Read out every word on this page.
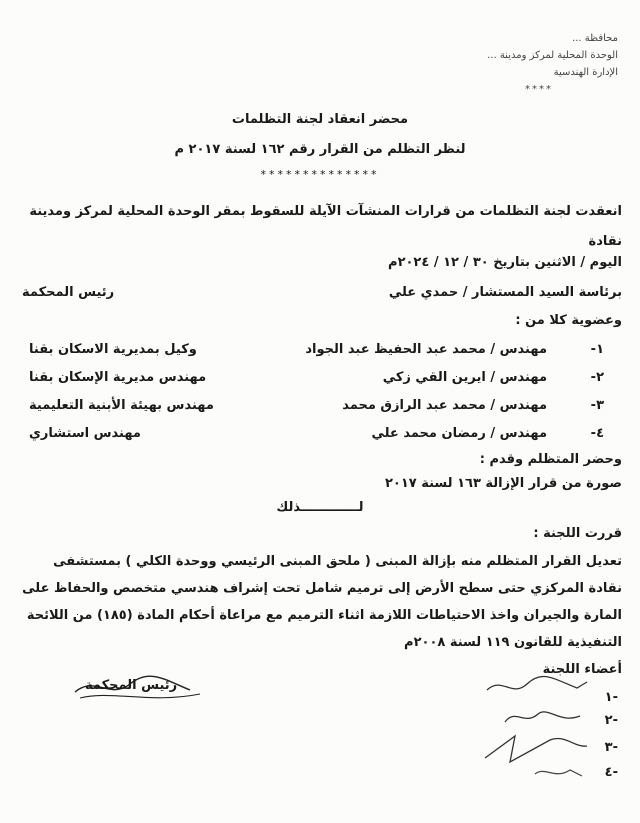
محافظة ...
الوحدة المحلية لمركز ومدينة ...
الإدارة الهندسية
****
محضر انعقاد لجنة التظلمات
لنظر التظلم من القرار رقم ١٦٢ لسنة ٢٠١٧ م
**************
انعقدت لجنة التظلمات من قرارات المنشآت الآيلة للسقوط بمقر الوحدة المحلية لمركز ومدينة نقادة
اليوم / الاثنين بتاريخ ٣٠ / ١٢ / ٢٠٢٤م
برئاسة السيد المستشار / حمدي علي
رئيس المحكمة
وعضوية كلا من :
١-
مهندس / محمد عبد الحفيظ عبد الجواد
وكيل بمديرية الاسكان بقنا
٢-
مهندس / ايرين القي زكي
مهندس مديرية الإسكان بقنا
٣-
مهندس / محمد عبد الرازق محمد
مهندس بهيئة الأبنية التعليمية
٤-
مهندس / رمضان محمد علي
مهندس استشاري
وحضر المتظلم وقدم :
صورة من قرار الإزالة ١٦٣ لسنة ٢٠١٧
لـــــــــــــذلك
قررت اللجنة :
تعديل القرار المتظلم منه بإزالة المبنى ( ملحق المبنى الرئيسي ووحدة الكلي ) بمستشفى نقادة المركزي حتى سطح الأرض إلى ترميم شامل تحت إشراف هندسي متخصص والحفاظ على المارة والجيران واخذ الاحتياطات اللازمة اثناء الترميم مع مراعاة أحكام المادة (١٨٥) من اللائحة التنفيذية للقانون ١١٩ لسنة ٢٠٠٨م
أعضاء اللجنة
رئيس المحكمة
-١
-٢
-٣
-٤
